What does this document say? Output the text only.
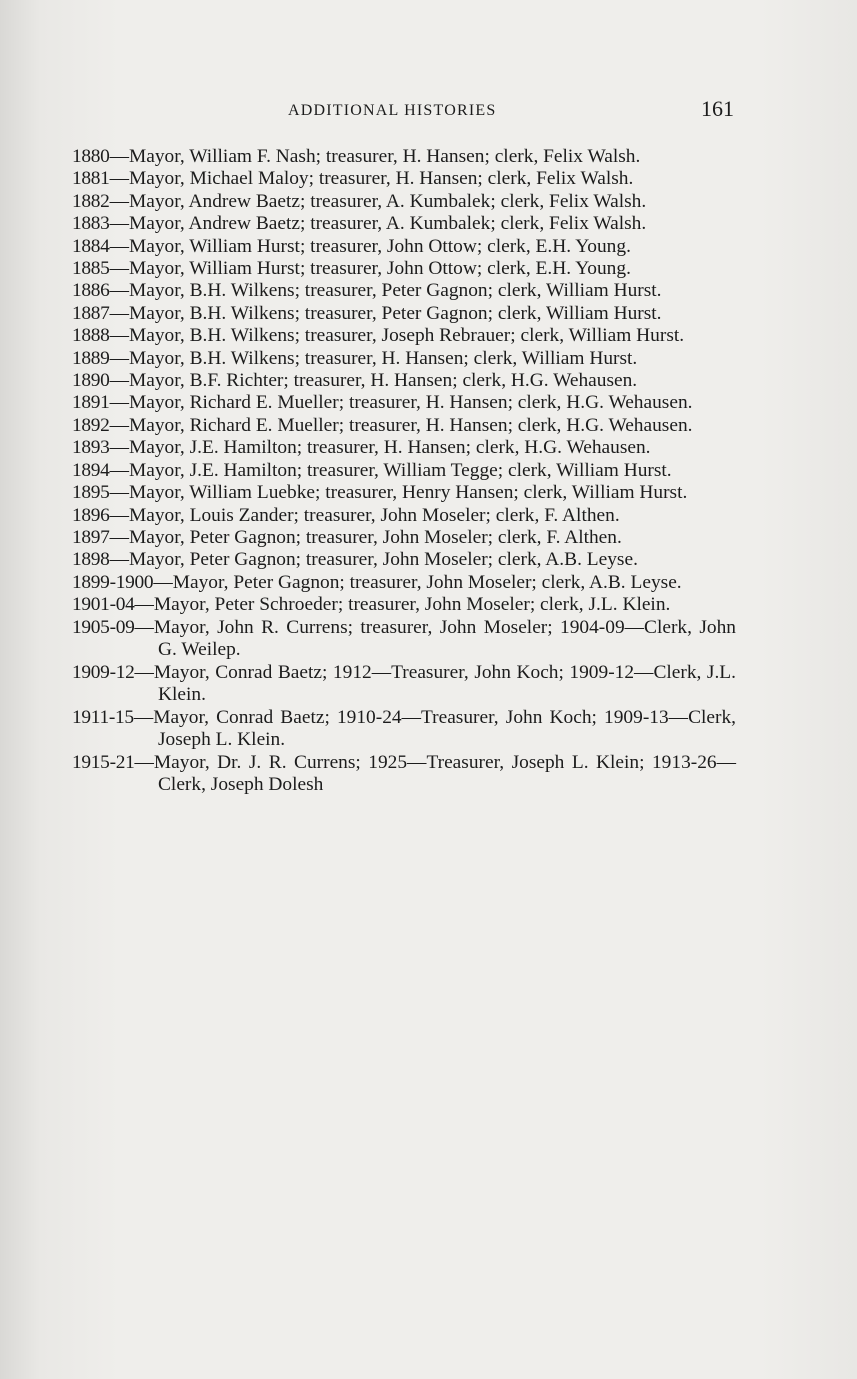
ADDITIONAL HISTORIES	161
1880—Mayor, William F. Nash; treasurer, H. Hansen; clerk, Felix Walsh.
1881—Mayor, Michael Maloy; treasurer, H. Hansen; clerk, Felix Walsh.
1882—Mayor, Andrew Baetz; treasurer, A. Kumbalek; clerk, Felix Walsh.
1883—Mayor, Andrew Baetz; treasurer, A. Kumbalek; clerk, Felix Walsh.
1884—Mayor, William Hurst; treasurer, John Ottow; clerk, E.H. Young.
1885—Mayor, William Hurst; treasurer, John Ottow; clerk, E.H. Young.
1886—Mayor, B.H. Wilkens; treasurer, Peter Gagnon; clerk, William Hurst.
1887—Mayor, B.H. Wilkens; treasurer, Peter Gagnon; clerk, William Hurst.
1888—Mayor, B.H. Wilkens; treasurer, Joseph Rebrauer; clerk, William Hurst.
1889—Mayor, B.H. Wilkens; treasurer, H. Hansen; clerk, William Hurst.
1890—Mayor, B.F. Richter; treasurer, H. Hansen; clerk, H.G. Wehausen.
1891—Mayor, Richard E. Mueller; treasurer, H. Hansen; clerk, H.G. Wehausen.
1892—Mayor, Richard E. Mueller; treasurer, H. Hansen; clerk, H.G. Wehausen.
1893—Mayor, J.E. Hamilton; treasurer, H. Hansen; clerk, H.G. Wehausen.
1894—Mayor, J.E. Hamilton; treasurer, William Tegge; clerk, William Hurst.
1895—Mayor, William Luebke; treasurer, Henry Hansen; clerk, William Hurst.
1896—Mayor, Louis Zander; treasurer, John Moseler; clerk, F. Althen.
1897—Mayor, Peter Gagnon; treasurer, John Moseler; clerk, F. Althen.
1898—Mayor, Peter Gagnon; treasurer, John Moseler; clerk, A.B. Leyse.
1899-1900—Mayor, Peter Gagnon; treasurer, John Moseler; clerk, A.B. Leyse.
1901-04—Mayor, Peter Schroeder; treasurer, John Moseler; clerk, J.L. Klein.
1905-09—Mayor, John R. Currens; treasurer, John Moseler; 1904-09—Clerk, John G. Weilep.
1909-12—Mayor, Conrad Baetz; 1912—Treasurer, John Koch; 1909-12—Clerk, J.L. Klein.
1911-15—Mayor, Conrad Baetz; 1910-24—Treasurer, John Koch; 1909-13—Clerk, Joseph L. Klein.
1915-21—Mayor, Dr. J. R. Currens; 1925—Treasurer, Joseph L. Klein; 1913-26—Clerk, Joseph Dolesh
